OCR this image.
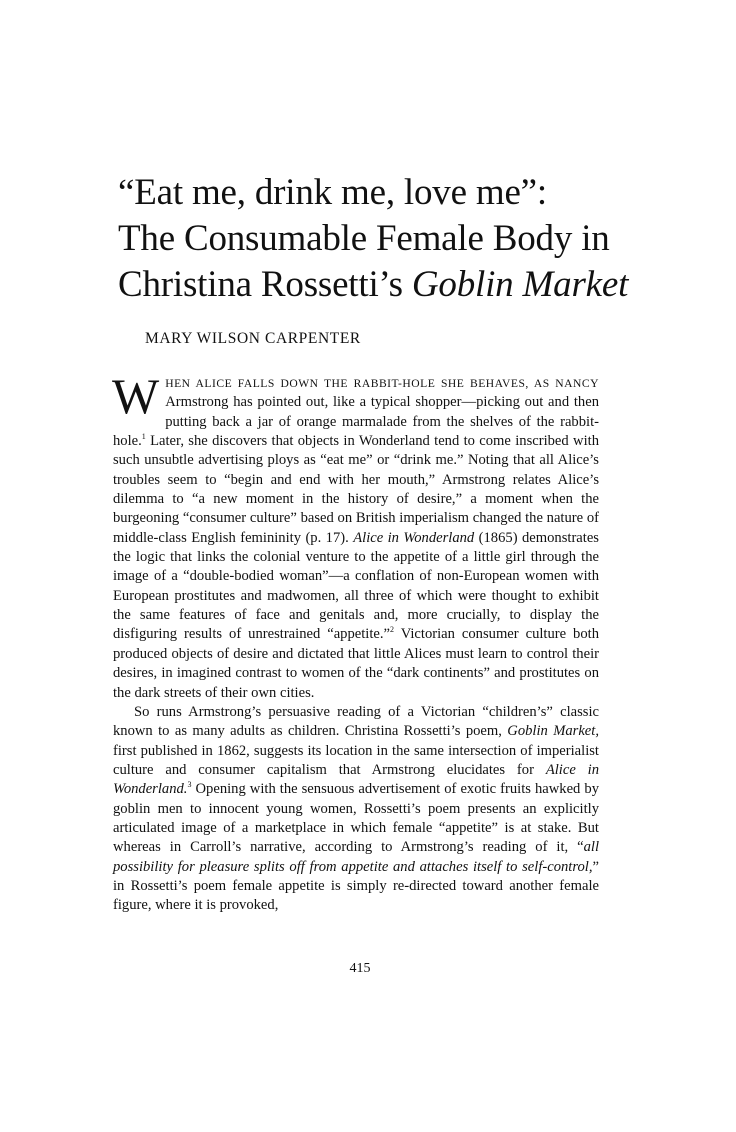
“Eat me, drink me, love me”:
The Consumable Female Body in
Christina Rossetti’s Goblin Market
MARY WILSON CARPENTER

WHEN ALICE FALLS DOWN THE RABBIT-HOLE SHE BEHAVES, AS NANCY Armstrong has pointed out, like a typical shopper—picking out and then putting back a jar of orange marmalade from the shelves of the rabbit-hole.$^1$ Later, she discovers that objects in Wonderland tend to come inscribed with such unsubtle advertising ploys as “eat me” or “drink me.” Noting that all Alice’s troubles seem to “begin and end with her mouth,” Armstrong relates Alice’s dilemma to “a new moment in the history of desire,” a moment when the burgeoning “consumer culture” based on British imperialism changed the nature of middle-class English femininity (p. 17). Alice in Wonderland (1865) demonstrates the logic that links the colonial venture to the appetite of a little girl through the image of a “double-bodied woman”—a conflation of non-European women with European prostitutes and madwomen, all three of which were thought to exhibit the same features of face and genitals and, more crucially, to display the disfiguring results of unrestrained “appetite.”$^2$ Victorian consumer culture both produced objects of desire and dictated that little Alices must learn to control their desires, in imagined contrast to women of the “dark continents” and prostitutes on the dark streets of their own cities.

So runs Armstrong’s persuasive reading of a Victorian “children’s” classic known to as many adults as children. Christina Rossetti’s poem, Goblin Market, first published in 1862, suggests its location in the same intersection of imperialist culture and consumer capitalism that Armstrong elucidates for Alice in Wonderland.$^3$ Opening with the sensuous advertisement of exotic fruits hawked by goblin men to innocent young women, Rossetti’s poem presents an explicitly articulated image of a marketplace in which female “appetite” is at stake. But whereas in Carroll’s narrative, according to Armstrong’s reading of it, “all possibility for pleasure splits off from appetite and attaches itself to self-control,” in Rossetti’s poem female appetite is simply re-directed toward another female figure, where it is provoked,

415
